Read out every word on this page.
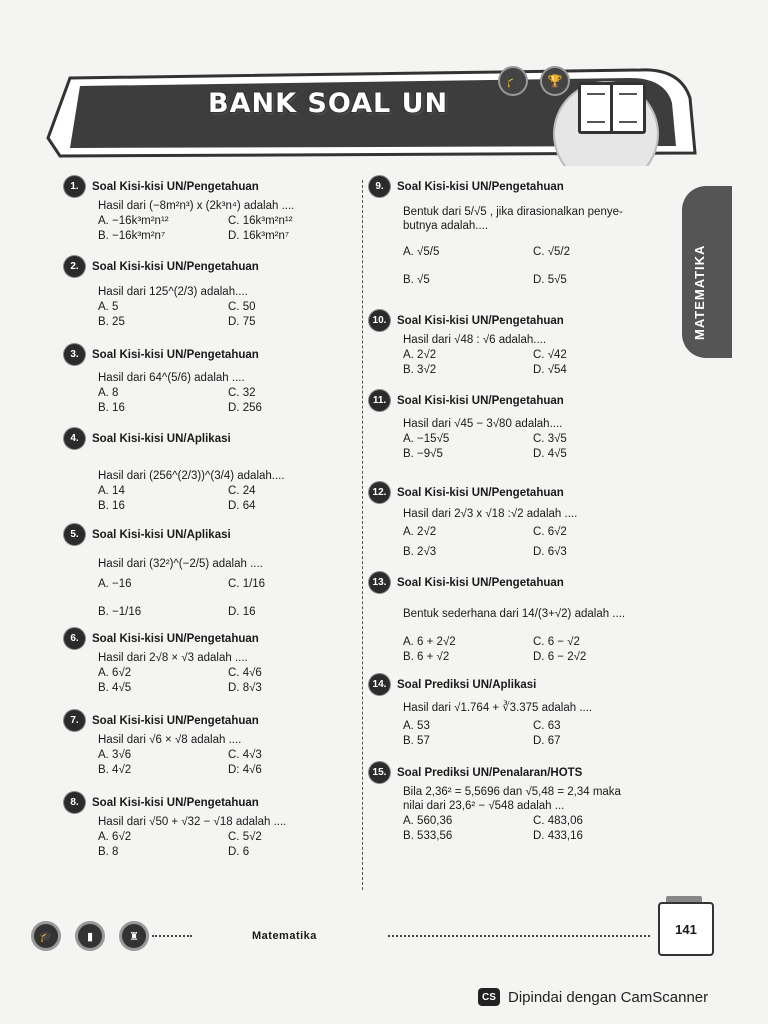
🎓	🏆
BANK SOAL UN
MATEMATIKA
1.	Soal Kisi-kisi UN/Pengetahuan
Hasil dari (−8m²n³) x (2k³n⁴) adalah ....
A. −16k³m²n¹²	C. 16k³m²n¹²
B. −16k³m²n⁷	D. 16k³m²n⁷
2.	Soal Kisi-kisi UN/Pengetahuan
Hasil dari 125^(2/3) adalah....
A. 5	C. 50
B. 25	D. 75
3.	Soal Kisi-kisi UN/Pengetahuan
Hasil dari 64^(5/6) adalah ....
A. 8	C. 32
B. 16	D. 256
4.	Soal Kisi-kisi UN/Aplikasi
Hasil dari (256^(2/3))^(3/4) adalah....
A. 14	C. 24
B. 16	D. 64
5.	Soal Kisi-kisi UN/Aplikasi
Hasil dari (32²)^(−2/5) adalah ....
A. −16	C. 1/16
B. −1/16	D. 16
6.	Soal Kisi-kisi UN/Pengetahuan
Hasil dari 2√8 × √3 adalah ....
A. 6√2	C. 4√6
B. 4√5	D. 8√3
7.	Soal Kisi-kisi UN/Pengetahuan
Hasil dari √6 × √8 adalah ....
A. 3√6	C. 4√3
B. 4√2	D: 4√6
8.	Soal Kisi-kisi UN/Pengetahuan
Hasil dari √50 + √32 − √18 adalah ....
A. 6√2	C. 5√2
B. 8	D. 6
9.	Soal Kisi-kisi UN/Pengetahuan
Bentuk dari 5/√5 , jika dirasionalkan penye-butnya adalah....
A. √5/5	C. √5/2
B. √5	D. 5√5
10. Soal Kisi-kisi UN/Pengetahuan
Hasil dari √48 : √6 adalah....
A. 2√2	C. √42
B. 3√2	D. √54
11. Soal Kisi-kisi UN/Pengetahuan
Hasil dari √45 − 3√80 adalah....
A. −15√5	C. 3√5
B. −9√5	D. 4√5
12. Soal Kisi-kisi UN/Pengetahuan
Hasil dari 2√3 x √18 :√2 adalah ....
A. 2√2	C. 6√2
B. 2√3	D. 6√3
13. Soal Kisi-kisi UN/Pengetahuan
Bentuk sederhana dari 14/(3+√2) adalah ....
A. 6 + 2√2	C. 6 − √2
B. 6 + √2	D. 6 − 2√2
14. Soal Prediksi UN/Aplikasi
Hasil dari √1.764 + ∛3.375 adalah ....
A. 53	C. 63
B. 57	D. 67
15. Soal Prediksi UN/Penalaran/HOTS
Bila 2,36² = 5,5696 dan √5,48 = 2,34 maka nilai dari 23,6² − √548 adalah ...
A. 560,36	C. 483,06
B. 533,56	D. 433,16
🎓	▮	♜	Matematika	141
CS Dipindai dengan CamScanner
